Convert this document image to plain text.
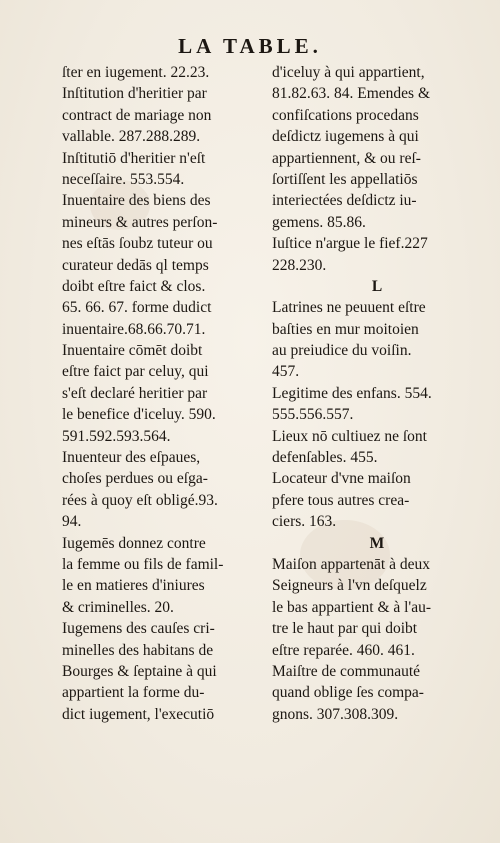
LA TABLE.
ſter en iugement. 22.23.
Inſtitution d'heritier par
contract de mariage non
vallable. 287.288.289.
Inſtitutiō d'heritier n'eſt
neceſſaire. 553.554.
Inuentaire des biens des
mineurs & autres perſon-
nes eſtās ſoubz tuteur ou
curateur dedās ql temps
doibt eſtre faict & clos.
65. 66. 67. forme dudict
inuentaire.68.66.70.71.
Inuentaire cōmēt doibt
eſtre faict par celuy, qui
s'eſt declaré heritier par
le benefice d'iceluy. 590.
591.592.593.564.
Inuenteur des eſpaues,
choſes perdues ou eſga-
rées à quoy eſt obligé.93.
94.
Iugemēs donnez contre
la femme ou fils de famil-
le en matieres d'iniures
& criminelles. 20.
Iugemens des cauſes cri-
minelles des habitans de
Bourges & ſeptaine à qui
appartient la forme du-
dict iugement, l'executiō
d'iceluy à qui appartient,
81.82.63. 84. Emendes &
confiſcations procedans
deſdictz iugemens à qui
appartiennent, & ou reſ-
ſortiſſent les appellatiōs
interiectées deſdictz iu-
gemens. 85.86.
Iuſtice n'argue le fief.227
228.230.
L
Latrines ne peuuent eſtre
baſties en mur moitoien
au preiudice du voiſin.
457.
Legitime des enfans. 554.
555.556.557.
Lieux nō cultiuez ne ſont
defenſables. 455.
Locateur d'vne maiſon
pfere tous autres crea-
ciers. 163.
M
Maiſon appartenāt à deux
Seigneurs à l'vn deſquelz
le bas appartient & à l'au-
tre le haut par qui doibt
eſtre reparée. 460. 461.
Maiſtre de communauté
quand oblige ſes compa-
gnons. 307.308.309.
